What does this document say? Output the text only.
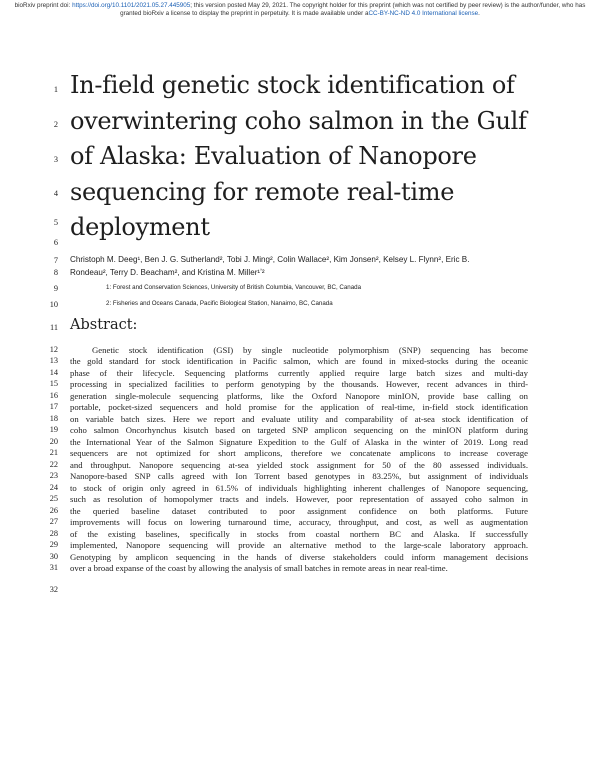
bioRxiv preprint doi: https://doi.org/10.1101/2021.05.27.445905; this version posted May 29, 2021. The copyright holder for this preprint (which was not certified by peer review) is the author/funder, who has granted bioRxiv a license to display the preprint in perpetuity. It is made available under aCC-BY-NC-ND 4.0 International license.
1
2
3
4
5
6
7
8
9
10
11
12
13
14
15
16
17
18
19
20
21
22
23
24
25
26
27
28
29
30
31
32
In-field genetic stock identification of
overwintering coho salmon in the Gulf
of Alaska: Evaluation of Nanopore
sequencing for remote real-time
deployment
Christoph M. Deeg¹, Ben J. G. Sutherland², Tobi J. Ming², Colin Wallace², Kim Jonsen², Kelsey L. Flynn², Eric B.
Rondeau², Terry D. Beacham², and Kristina M. Miller¹ʼ²
1: Forest and Conservation Sciences, University of British Columbia, Vancouver, BC, Canada
2: Fisheries and Oceans Canada, Pacific Biological Station, Nanaimo, BC, Canada
Abstract:
Genetic stock identification (GSI) by single nucleotide polymorphism (SNP) sequencing has become
the gold standard for stock identification in Pacific salmon, which are found in mixed-stocks during the oceanic
phase of their lifecycle. Sequencing platforms currently applied require large batch sizes and multi-day
processing in specialized facilities to perform genotyping by the thousands. However, recent advances in third-
generation single-molecule sequencing platforms, like the Oxford Nanopore minION, provide base calling on
portable, pocket-sized sequencers and hold promise for the application of real-time, in-field stock identification
on variable batch sizes. Here we report and evaluate utility and comparability of at-sea stock identification of
coho salmon Oncorhynchus kisutch based on targeted SNP amplicon sequencing on the minION platform during
the International Year of the Salmon Signature Expedition to the Gulf of Alaska in the winter of 2019. Long read
sequencers are not optimized for short amplicons, therefore we concatenate amplicons to increase coverage
and throughput. Nanopore sequencing at-sea yielded stock assignment for 50 of the 80 assessed individuals.
Nanopore-based SNP calls agreed with Ion Torrent based genotypes in 83.25%, but assignment of individuals
to stock of origin only agreed in 61.5% of individuals highlighting inherent challenges of Nanopore sequencing,
such as resolution of homopolymer tracts and indels. However, poor representation of assayed coho salmon in
the queried baseline dataset contributed to poor assignment confidence on both platforms. Future
improvements will focus on lowering turnaround time, accuracy, throughput, and cost, as well as augmentation
of the existing baselines, specifically in stocks from coastal northern BC and Alaska. If successfully
implemented, Nanopore sequencing will provide an alternative method to the large-scale laboratory approach.
Genotyping by amplicon sequencing in the hands of diverse stakeholders could inform management decisions
over a broad expanse of the coast by allowing the analysis of small batches in remote areas in near real-time.
